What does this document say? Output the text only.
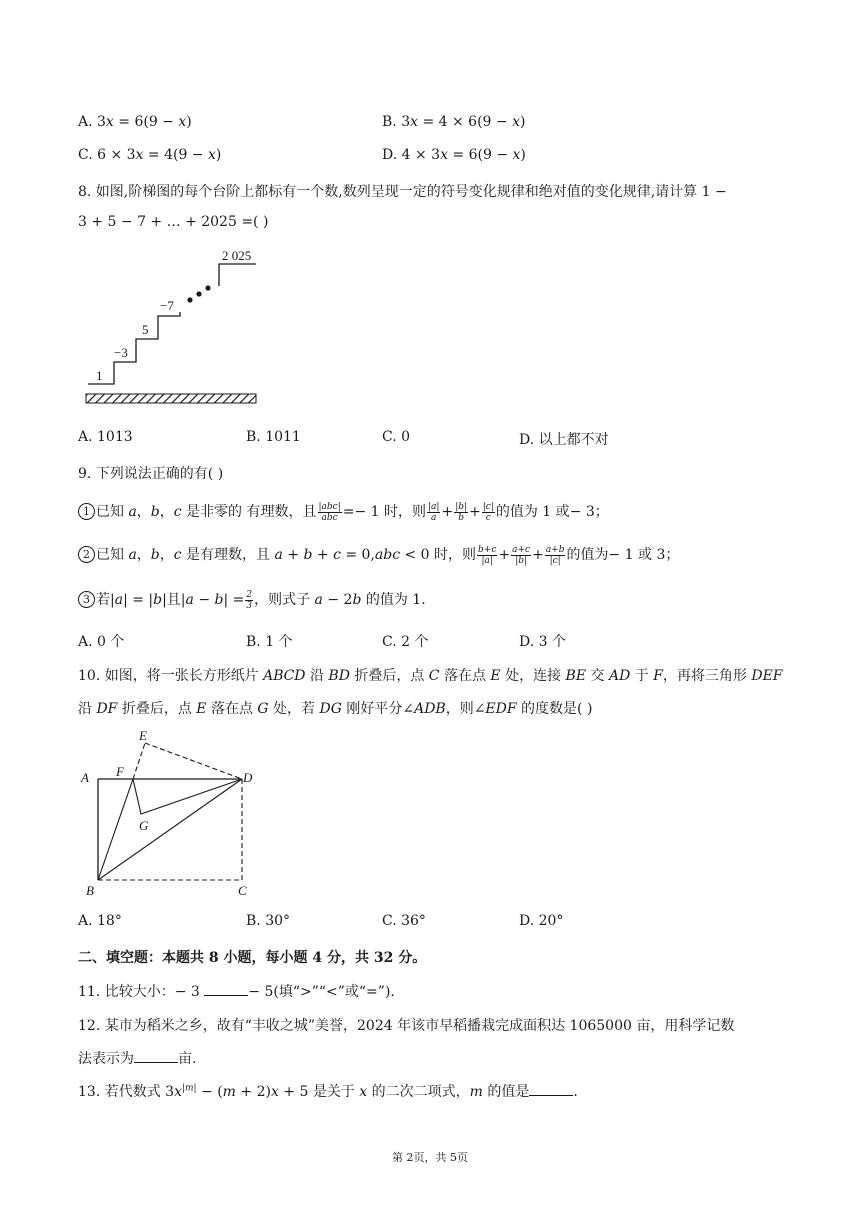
A. 3𝑥 = 6(9 − 𝑥)	B. 3𝑥 = 4 × 6(9 − 𝑥)
C. 6 × 3𝑥 = 4(9 − 𝑥)	D. 4 × 3𝑥 = 6(9 − 𝑥)
8. 如图,阶梯图的每个台阶上都标有一个数,数列呈现一定的符号变化规律和绝对值的变化规律,请计算 1 −
3 + 5 − 7 + … + 2025 =( )
1
−3
5
−7
2 025
A. 1013	B. 1011	C. 0	D. 以上都不对
9. 下列说法正确的有( )
1 已知 𝑎，𝑏，𝑐 是非零的 有理数，且 $\frac{\text{|abc|}}{\text{abc}} =- 1$ 时，则 $\frac{|a|}{a} + \frac{|b|}{b} + \frac{|c|}{c}$ 的值为 1 或− 3；
2 已知 𝑎，𝑏，𝑐 是有理数，且 𝑎 + 𝑏 + 𝑐 = 0,𝑎𝑏𝑐 < 0 时，则 $\frac{b+c}{|a|} + \frac{a+c}{|b|} + \frac{a+b}{|c|}$ 的值为− 1 或 3；
3 若|𝑎| = |𝑏|且|𝑎 − 𝑏| = $\frac{2}{3}$ ，则式子 𝑎 − 2𝑏 的值为 1.
A. 0 个	B. 1 个	C. 2 个	D. 3 个
10. 如图，将一张长方形纸片 𝐴𝐵𝐶𝐷 沿 𝐵𝐷 折叠后，点 𝐶 落在点 𝐸 处，连接 𝐵𝐸 交 𝐴𝐷 于 𝐹，再将三角形 𝐷𝐸𝐹
沿 𝐷𝐹 折叠后，点 𝐸 落在点 𝐺 处，若 𝐷𝐺 刚好平分∠𝐴𝐷𝐵，则∠𝐸𝐷𝐹 的度数是( )
A F
E
D
G
B	C
A. 18°	B. 30°	C. 36°	D. 20°
二、填空题：本题共 8 小题，每小题 4 分，共 32 分。
11. 比较大小：− 3	− 5(填“>”“<”或“=”).
12. 某市为稻米之乡，故有“丰收之城”美誉，2024 年该市早稻播栽完成面积达 1065000 亩，用科学记数
法表示为	亩.
13. 若代数式 3𝑥$^{|m|}$ − (𝑚 + 2)𝑥 + 5 是关于 𝑥 的二次二项式，𝑚 的值是	.
第 2页，共 5页
